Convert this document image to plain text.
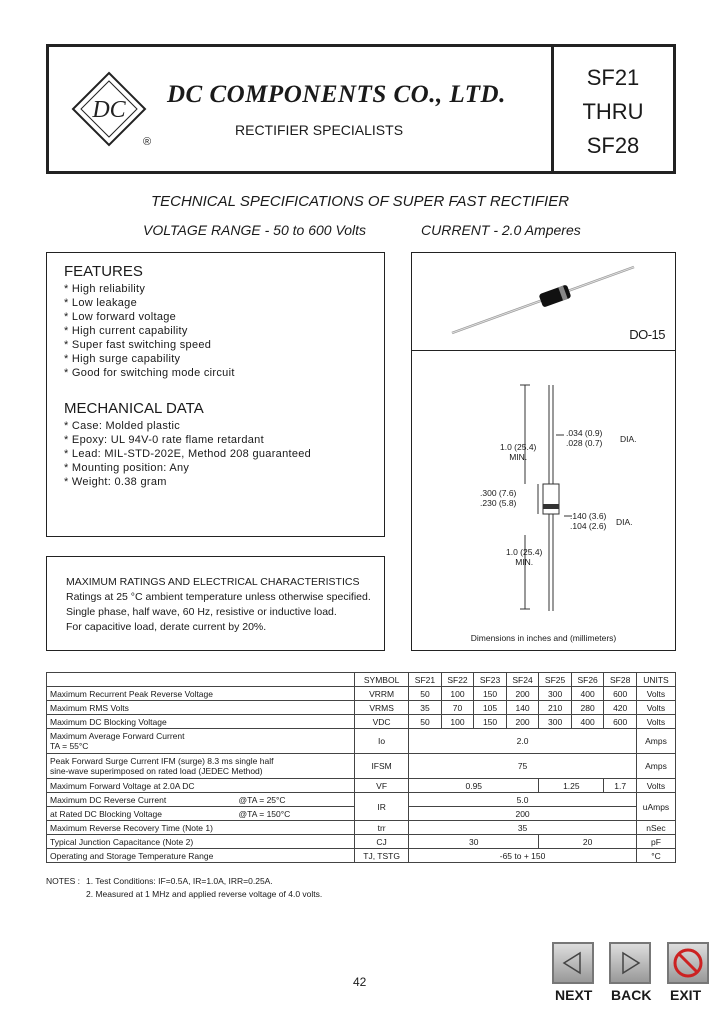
DC
®
DC COMPONENTS CO., LTD.
RECTIFIER SPECIALISTS
SF21
THRU
SF28
TECHNICAL SPECIFICATIONS OF SUPER FAST RECTIFIER
VOLTAGE RANGE - 50 to 600 Volts	CURRENT - 2.0 Amperes
FEATURES
* High reliability
* Low leakage
* Low forward voltage
* High current capability
* Super fast switching speed
* High surge capability
* Good for switching mode circuit
MECHANICAL DATA
* Case: Molded plastic
* Epoxy: UL 94V-0 rate flame retardant
* Lead: MIL-STD-202E, Method 208 guaranteed
* Mounting position: Any
* Weight: 0.38 gram
MAXIMUM RATINGS AND ELECTRICAL CHARACTERISTICS
Ratings at 25 °C ambient temperature unless otherwise specified.
Single phase, half wave, 60 Hz, resistive or inductive load.
For capacitive load, derate current by 20%.
DO-15
1.0 (25.4)
MIN.
.034 (0.9)
.028 (0.7) DIA.
.300 (7.6)
.230 (5.8)
.140 (3.6)
.104 (2.6) DIA.
1.0 (25.4)
MIN.
Dimensions in inches and (millimeters)
	SYMBOL	SF21	SF22	SF23	SF24	SF25	SF26	SF28	UNITS
Maximum Recurrent Peak Reverse Voltage	VRRM	50	100	150	200	300	400	600	Volts
Maximum RMS Volts	VRMS	35	70	105	140	210	280	420	Volts
Maximum DC Blocking Voltage	VDC	50	100	150	200	300	400	600	Volts

Maximum Average Forward Current
TA = 55°C	Io	2.0							Amps

Peak Forward Surge Current IFM (surge) 8.3 ms single half
sine-wave superimposed on rated load (JEDEC Method)	IFSM	75							Amps
Maximum Forward Voltage at 2.0A DC	VF	0.95				1.25		1.7	Volts
Maximum DC Reverse Current @TA = 25°C	IR	5.0							uAmps
at Rated DC Blocking Voltage @TA = 150°C		200							
Maximum Reverse Recovery Time (Note 1)	trr	35							nSec
Typical Junction Capacitance (Note 2)	CJ	30				20			pF
Operating and Storage Temperature Range	TJ, TSTG	-65 to + 150							°C
NOTES : 1. Test Conditions: IF=0.5A, IR=1.0A, IRR=0.25A.
2. Measured at 1 MHz and applied reverse voltage of 4.0 volts.
42
NEXT BACK EXIT
